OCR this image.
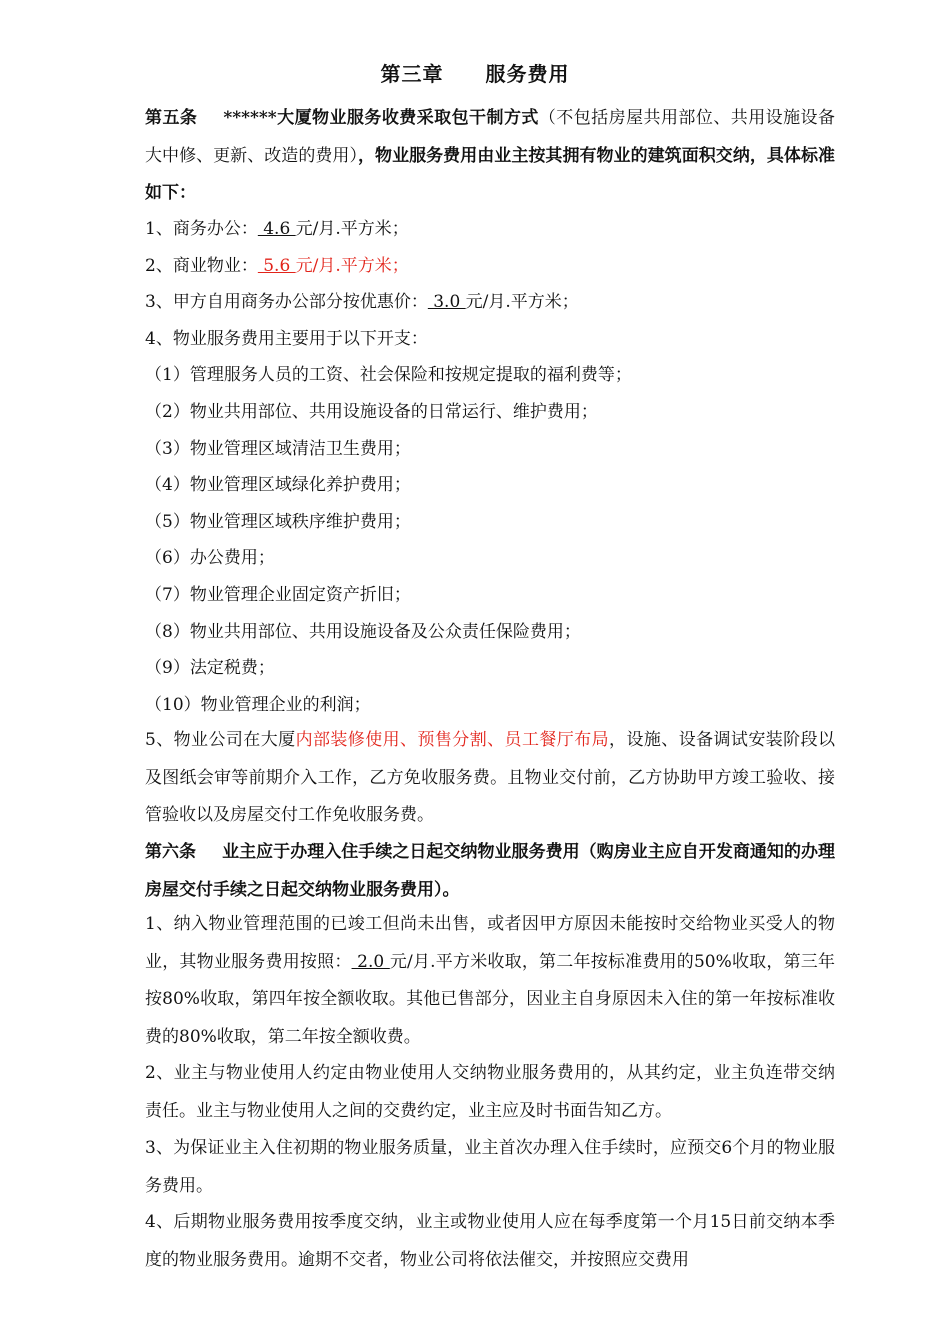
第三章　　服务费用
第五条 ******大厦物业服务收费采取包干制方式（不包括房屋共用部位、共用设施设备大中修、更新、改造的费用），物业服务费用由业主按其拥有物业的建筑面积交纳，具体标准如下：
1、商务办公： 4.6 元/月.平方米；
2、商业物业： 5.6 元/月.平方米；
3、甲方自用商务办公部分按优惠价： 3.0 元/月.平方米；
4、物业服务费用主要用于以下开支：
（1）管理服务人员的工资、社会保险和按规定提取的福利费等；
（2）物业共用部位、共用设施设备的日常运行、维护费用；
（3）物业管理区域清洁卫生费用；
（4）物业管理区域绿化养护费用；
（5）物业管理区域秩序维护费用；
（6）办公费用；
（7）物业管理企业固定资产折旧；
（8）物业共用部位、共用设施设备及公众责任保险费用；
（9）法定税费；
（10）物业管理企业的利润；
5、物业公司在大厦内部装修使用、预售分割、员工餐厅布局，设施、设备调试安装阶段以及图纸会审等前期介入工作，乙方免收服务费。且物业交付前，乙方协助甲方竣工验收、接管验收以及房屋交付工作免收服务费。
第六条 业主应于办理入住手续之日起交纳物业服务费用（购房业主应自开发商通知的办理房屋交付手续之日起交纳物业服务费用）。
1、纳入物业管理范围的已竣工但尚未出售，或者因甲方原因未能按时交给物业买受人的物业，其物业服务费用按照： 2.0 元/月.平方米收取，第二年按标准费用的50%收取，第三年按80%收取，第四年按全额收取。其他已售部分，因业主自身原因未入住的第一年按标准收费的80%收取，第二年按全额收费。
2、业主与物业使用人约定由物业使用人交纳物业服务费用的，从其约定，业主负连带交纳责任。业主与物业使用人之间的交费约定，业主应及时书面告知乙方。
3、为保证业主入住初期的物业服务质量，业主首次办理入住手续时，应预交6个月的物业服务费用。
4、后期物业服务费用按季度交纳，业主或物业使用人应在每季度第一个月15日前交纳本季度的物业服务费用。逾期不交者，物业公司将依法催交，并按照应交费用
